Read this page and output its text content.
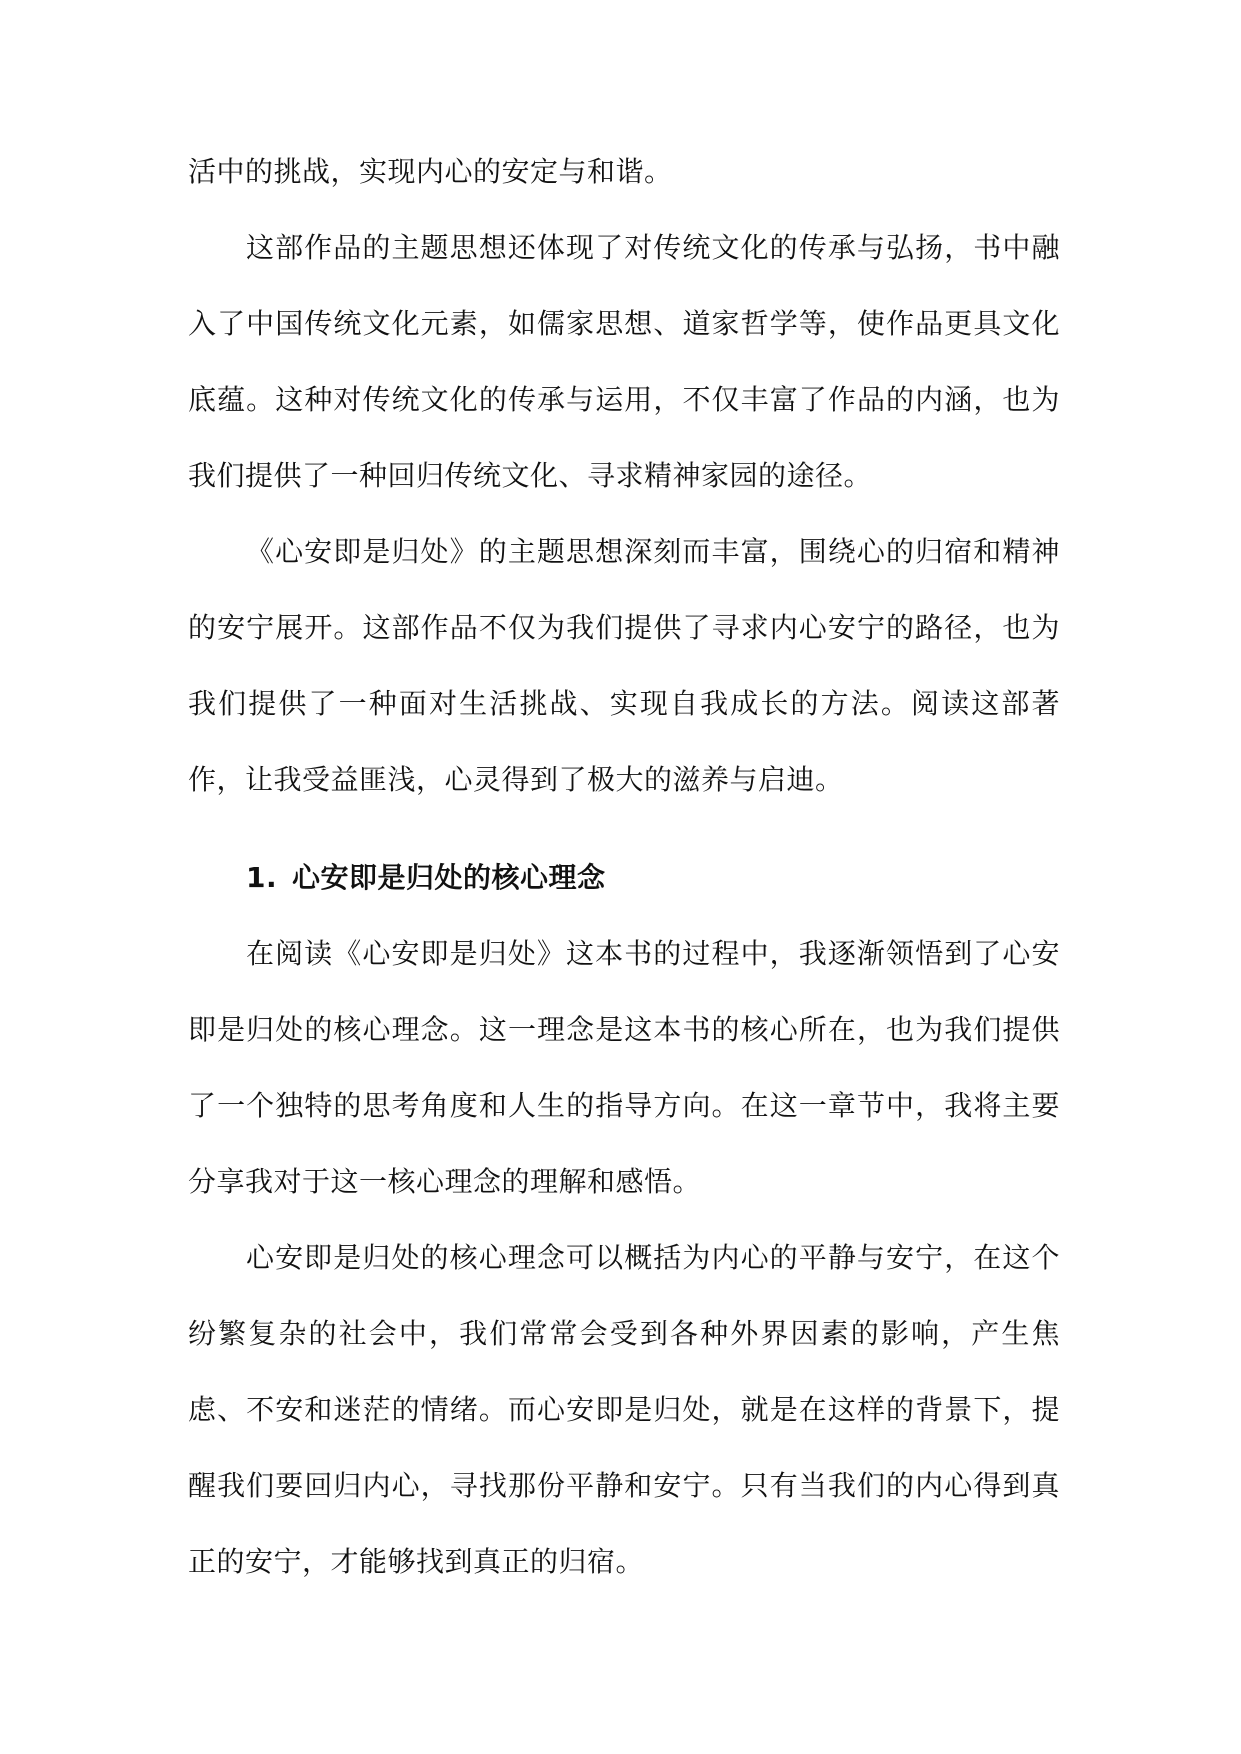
活中的挑战，实现内心的安定与和谐。

这部作品的主题思想还体现了对传统文化的传承与弘扬，书中融入了中国传统文化元素，如儒家思想、道家哲学等，使作品更具文化底蕴。这种对传统文化的传承与运用，不仅丰富了作品的内涵，也为我们提供了一种回归传统文化、寻求精神家园的途径。

《心安即是归处》的主题思想深刻而丰富，围绕心的归宿和精神的安宁展开。这部作品不仅为我们提供了寻求内心安宁的路径，也为我们提供了一种面对生活挑战、实现自我成长的方法。阅读这部著作，让我受益匪浅，心灵得到了极大的滋养与启迪。

1. 心安即是归处的核心理念

在阅读《心安即是归处》这本书的过程中，我逐渐领悟到了心安即是归处的核心理念。这一理念是这本书的核心所在，也为我们提供了一个独特的思考角度和人生的指导方向。在这一章节中，我将主要分享我对于这一核心理念的理解和感悟。

心安即是归处的核心理念可以概括为内心的平静与安宁，在这个纷繁复杂的社会中，我们常常会受到各种外界因素的影响，产生焦虑、不安和迷茫的情绪。而心安即是归处，就是在这样的背景下，提醒我们要回归内心，寻找那份平静和安宁。只有当我们的内心得到真正的安宁，才能够找到真正的归宿。
